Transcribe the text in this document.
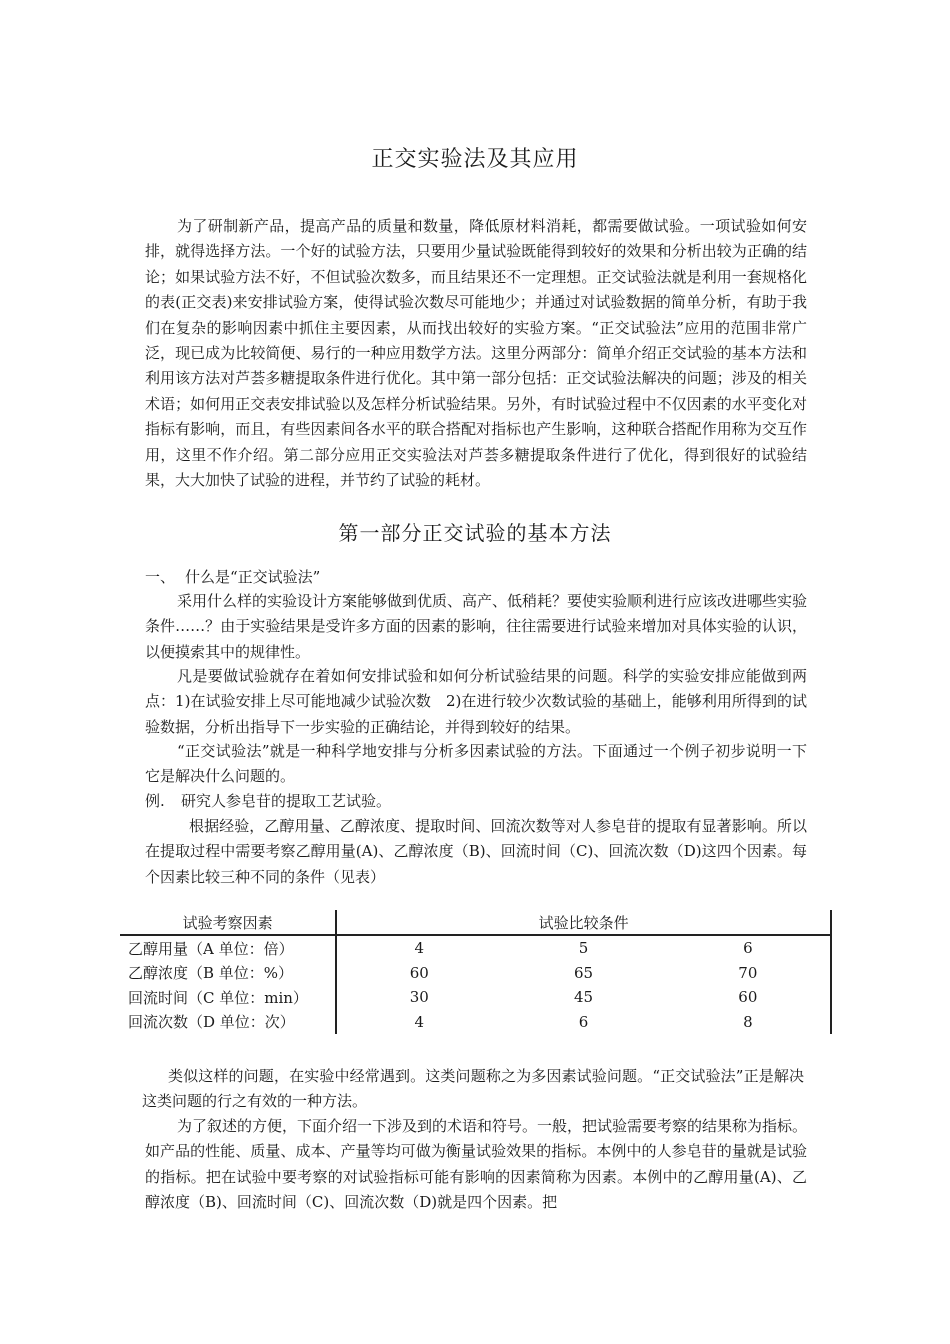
正交实验法及其应用

为了研制新产品，提高产品的质量和数量，降低原材料消耗，都需要做试验。一项试验如何安排，就得选择方法。一个好的试验方法，只要用少量试验既能得到较好的效果和分析出较为正确的结论；如果试验方法不好，不但试验次数多，而且结果还不一定理想。正交试验法就是利用一套规格化的表(正交表)来安排试验方案，使得试验次数尽可能地少；并通过对试验数据的简单分析，有助于我们在复杂的影响因素中抓住主要因素，从而找出较好的实验方案。“正交试验法”应用的范围非常广泛，现已成为比较简便、易行的一种应用数学方法。这里分两部分：简单介绍正交试验的基本方法和利用该方法对芦荟多糖提取条件进行优化。其中第一部分包括：正交试验法解决的问题；涉及的相关术语；如何用正交表安排试验以及怎样分析试验结果。另外，有时试验过程中不仅因素的水平变化对指标有影响，而且，有些因素间各水平的联合搭配对指标也产生影响，这种联合搭配作用称为交互作用，这里不作介绍。第二部分应用正交实验法对芦荟多糖提取条件进行了优化，得到很好的试验结果，大大加快了试验的进程，并节约了试验的耗材。

第一部分正交试验的基本方法
一、 什么是“正交试验法”

采用什么样的实验设计方案能够做到优质、高产、低稍耗？要使实验顺利进行应该改进哪些实验条件……？由于实验结果是受许多方面的因素的影响，往往需要进行试验来增加对具体实验的认识，以便摸索其中的规律性。

凡是要做试验就存在着如何安排试验和如何分析试验结果的问题。科学的实验安排应能做到两点：1)在试验安排上尽可能地减少试验次数　2)在进行较少次数试验的基础上，能够利用所得到的试验数据，分析出指导下一步实验的正确结论，并得到较好的结果。

“正交试验法”就是一种科学地安排与分析多因素试验的方法。下面通过一个例子初步说明一下它是解决什么问题的。

例. 研究人参皂苷的提取工艺试验。

根据经验，乙醇用量、乙醇浓度、提取时间、回流次数等对人参皂苷的提取有显著影响。所以在提取过程中需要考察乙醇用量(A)、乙醇浓度（B)、回流时间（C)、回流次数（D)这四个因素。每个因素比较三种不同的条件（见表）

试验考察因素	试验比较条件		
乙醇用量（A 单位：倍）	4	5	6
乙醇浓度（B 单位：%）	60	65	70
回流时间（C 单位：min）	30	45	60
回流次数（D 单位：次）	4	6	8

类似这样的问题，在实验中经常遇到。这类问题称之为多因素试验问题。“正交试验法”正是解决这类问题的行之有效的一种方法。

为了叙述的方便，下面介绍一下涉及到的术语和符号。一般，把试验需要考察的结果称为指标。如产品的性能、质量、成本、产量等均可做为衡量试验效果的指标。本例中的人参皂苷的量就是试验的指标。把在试验中要考察的对试验指标可能有影响的因素简称为因素。本例中的乙醇用量(A)、乙醇浓度（B)、回流时间（C)、回流次数（D)就是四个因素。把
